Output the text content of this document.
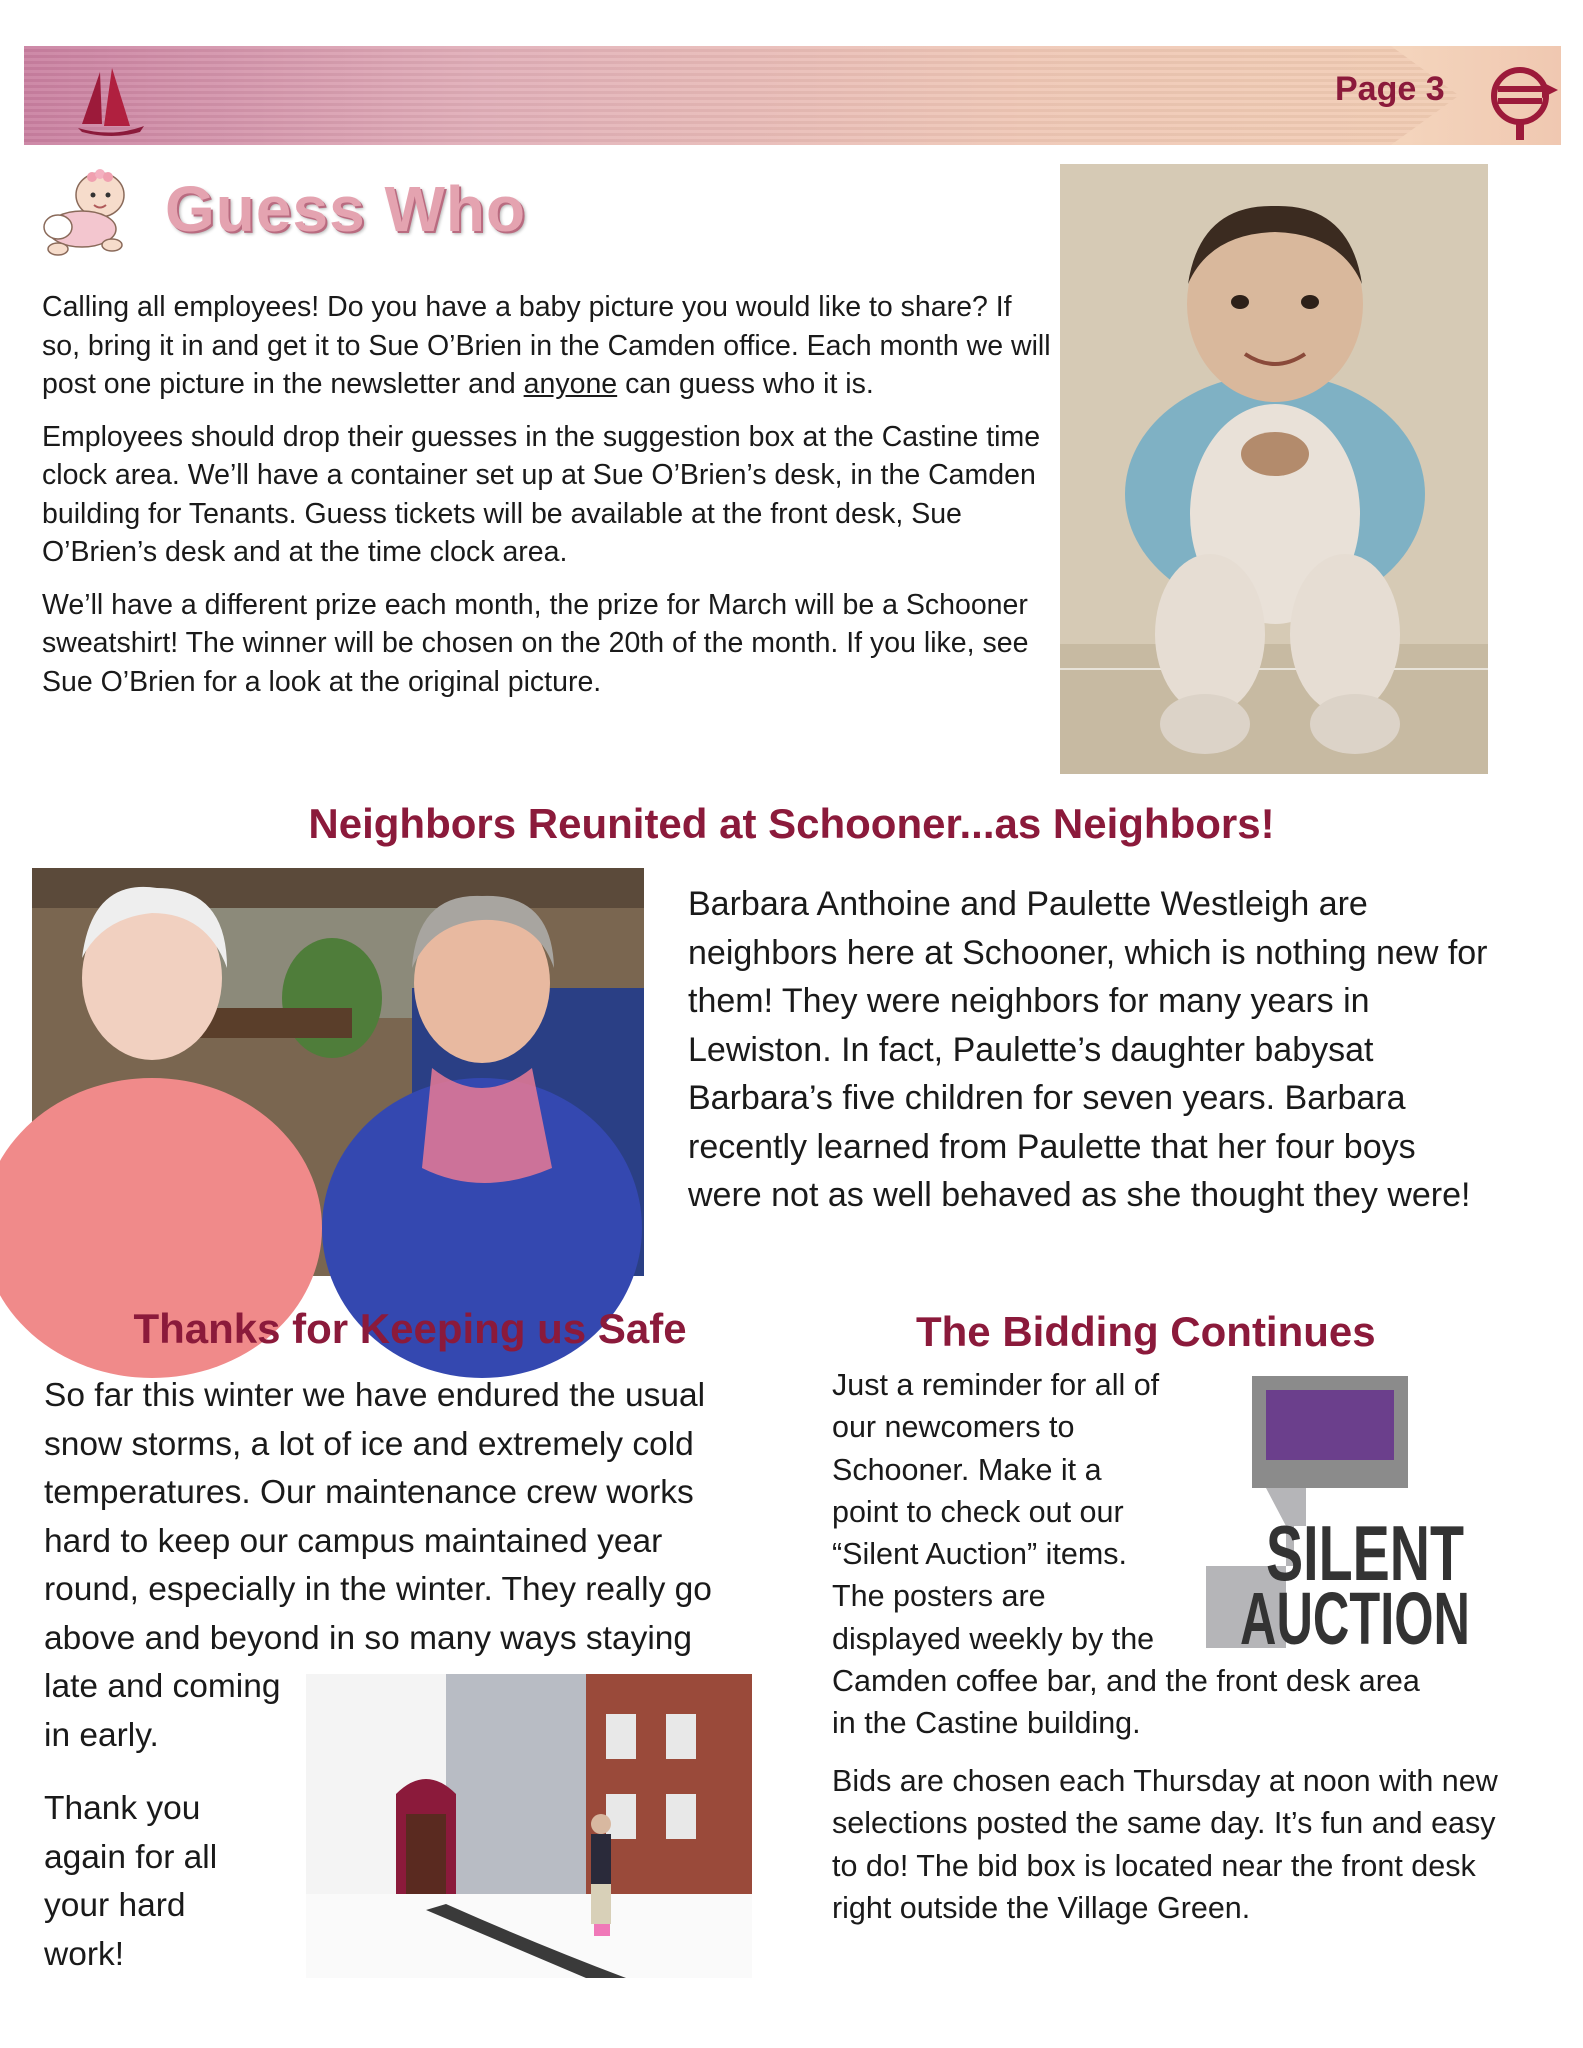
Page 3
Guess Who

Calling all employees! Do you have a baby picture you would like to share? If so, bring it in and get it to Sue O’Brien in the Camden office. Each month we will post one picture in the newsletter and anyone can guess who it is.

Employees should drop their guesses in the suggestion box at the Castine time clock area. We’ll have a container set up at Sue O’Brien’s desk, in the Camden building for Tenants. Guess tickets will be available at the front desk, Sue O’Brien’s desk and at the time clock area.

We’ll have a different prize each month, the prize for March will be a Schooner sweatshirt! The winner will be chosen on the 20th of the month. If you like, see Sue O’Brien for a look at the original picture.

Neighbors Reunited at Schooner...as Neighbors!
Barbara Anthoine and Paulette Westleigh are neighbors here at Schooner, which is nothing new for them! They were neighbors for many years in Lewiston. In fact, Paulette’s daughter babysat Barbara’s five children for seven years. Barbara recently learned from Paulette that her four boys were not as well behaved as she thought they were!
Thanks for Keeping us Safe
So far this winter we have endured the usual
snow storms, a lot of ice and extremely cold
temperatures. Our maintenance crew works
hard to keep our campus maintained year
round, especially in the winter. They really go
above and beyond in so many ways staying
late and coming
in early.
Thank you
again for all
your hard
work!
The Bidding Continues
Just a reminder for all of
our newcomers to
Schooner. Make it a
point to check out our
“Silent Auction” items.
The posters are
displayed weekly by the
Camden coffee bar, and the front desk area
in the Castine building.
Bids are chosen each Thursday at noon with new selections posted the same day. It’s fun and easy to do! The bid box is located near the front desk right outside the Village Green.
SILENT
AUCTION
